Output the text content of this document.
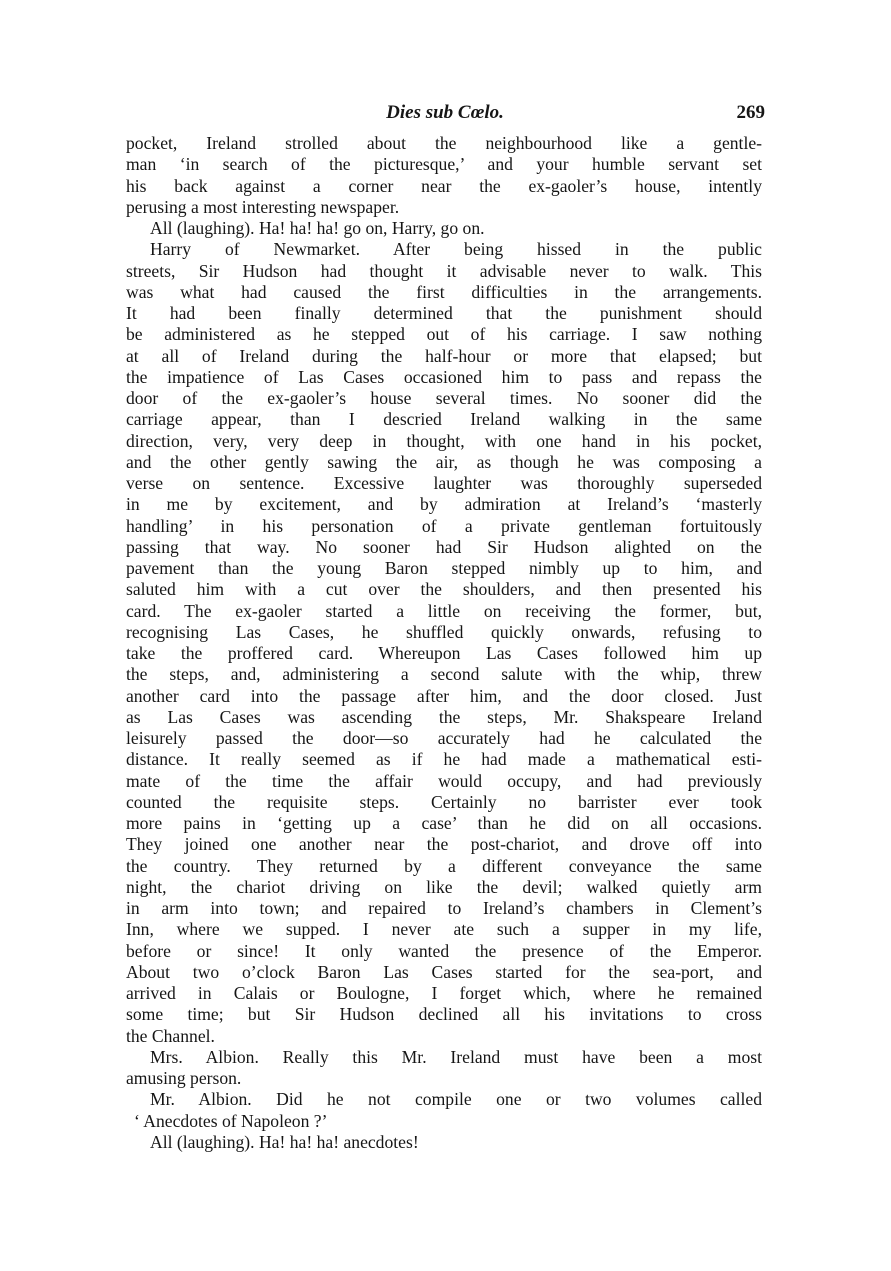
Dies sub Cœlo.	269
pocket, Ireland strolled about the neighbourhood like a gentle-
man ‘in search of the picturesque,’ and your humble servant set
his back against a corner near the ex-gaoler’s house, intently
perusing a most interesting newspaper.
All (laughing). Ha! ha! ha! go on, Harry, go on.
Harry of Newmarket. After being hissed in the public
streets, Sir Hudson had thought it advisable never to walk. This
was what had caused the first difficulties in the arrangements.
It had been finally determined that the punishment should
be administered as he stepped out of his carriage. I saw nothing
at all of Ireland during the half-hour or more that elapsed; but
the impatience of Las Cases occasioned him to pass and repass the
door of the ex-gaoler’s house several times. No sooner did the
carriage appear, than I descried Ireland walking in the same
direction, very, very deep in thought, with one hand in his pocket,
and the other gently sawing the air, as though he was composing a
verse on sentence. Excessive laughter was thoroughly superseded
in me by excitement, and by admiration at Ireland’s ‘masterly
handling’ in his personation of a private gentleman fortuitously
passing that way. No sooner had Sir Hudson alighted on the
pavement than the young Baron stepped nimbly up to him, and
saluted him with a cut over the shoulders, and then presented his
card. The ex-gaoler started a little on receiving the former, but,
recognising Las Cases, he shuffled quickly onwards, refusing to
take the proffered card. Whereupon Las Cases followed him up
the steps, and, administering a second salute with the whip, threw
another card into the passage after him, and the door closed. Just
as Las Cases was ascending the steps, Mr. Shakspeare Ireland
leisurely passed the door—so accurately had he calculated the
distance. It really seemed as if he had made a mathematical esti-
mate of the time the affair would occupy, and had previously
counted the requisite steps. Certainly no barrister ever took
more pains in ‘getting up a case’ than he did on all occasions.
They joined one another near the post-chariot, and drove off into
the country. They returned by a different conveyance the same
night, the chariot driving on like the devil; walked quietly arm
in arm into town; and repaired to Ireland’s chambers in Clement’s
Inn, where we supped. I never ate such a supper in my life,
before or since! It only wanted the presence of the Emperor.
About two o’clock Baron Las Cases started for the sea-port, and
arrived in Calais or Boulogne, I forget which, where he remained
some time; but Sir Hudson declined all his invitations to cross
the Channel.
Mrs. Albion. Really this Mr. Ireland must have been a most
amusing person.
Mr. Albion. Did he not compile one or two volumes called
‘ Anecdotes of Napoleon ?’
All (laughing). Ha! ha! ha! anecdotes!
